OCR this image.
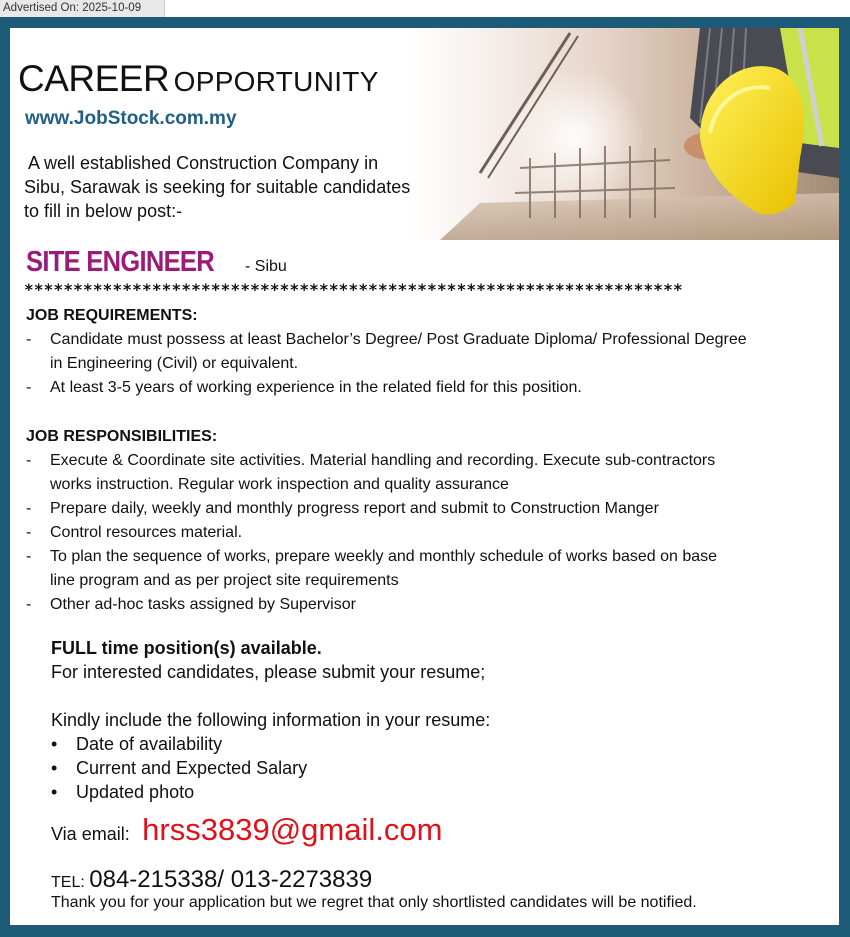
Advertised On: 2025-10-09
CAREER OPPORTUNITY
www.JobStock.com.my
A well established Construction Company in
Sibu, Sarawak is seeking for suitable candidates
to fill in below post:-
SITE ENGINEER - Sibu
*******************************************************************
JOB REQUIREMENTS:
- Candidate must possess at least Bachelor’s Degree/ Post Graduate Diploma/ Professional Degree
in Engineering (Civil) or equivalent.
- At least 3-5 years of working experience in the related field for this position.
JOB RESPONSIBILITIES:
- Execute & Coordinate site activities. Material handling and recording. Execute sub-contractors
works instruction. Regular work inspection and quality assurance
- Prepare daily, weekly and monthly progress report and submit to Construction Manger
- Control resources material.
- To plan the sequence of works, prepare weekly and monthly schedule of works based on base
line program and as per project site requirements
- Other ad-hoc tasks assigned by Supervisor
FULL time position(s) available.
For interested candidates, please submit your resume;
Kindly include the following information in your resume:
• Date of availability
• Current and Expected Salary
• Updated photo
Via email: hrss3839@gmail.com
TEL: 084-215338/ 013-2273839
Thank you for your application but we regret that only shortlisted candidates will be notified.
